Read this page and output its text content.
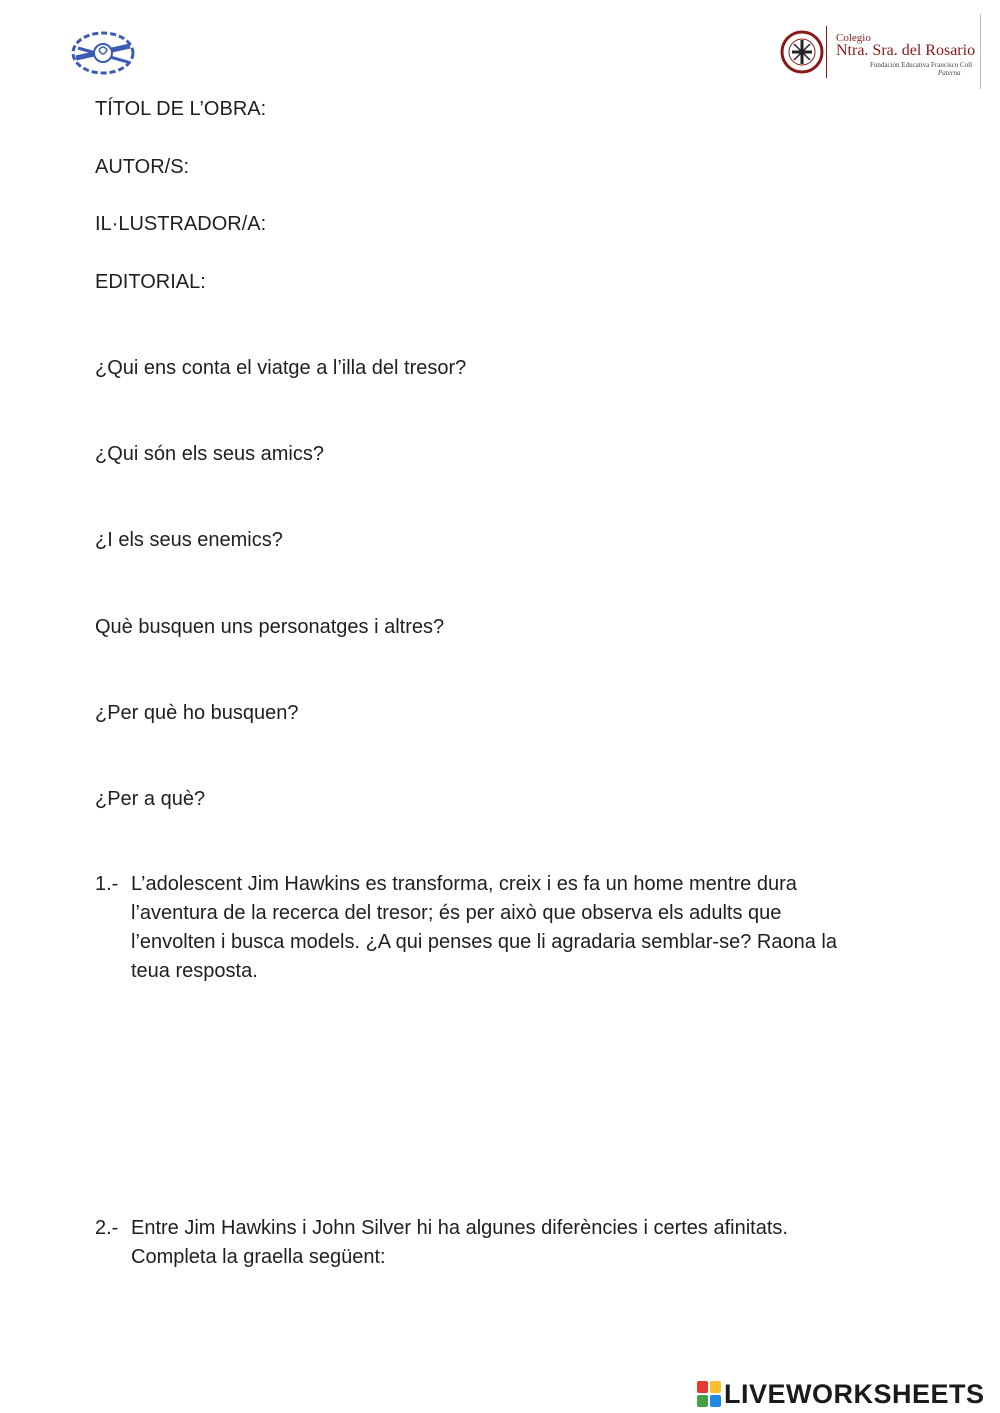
Colegio
Ntra. Sra. del Rosario
Fundación Educativa Francisco Coll
Paterna
TÍTOL DE L’OBRA:
AUTOR/S:
IL·LUSTRADOR/A:
EDITORIAL:
¿Qui ens conta el viatge a l’illa del tresor?
¿Qui són els seus amics?
¿I els seus enemics?
Què busquen uns personatges i altres?
¿Per què ho busquen?
¿Per a què?
1.- L’adolescent Jim Hawkins es transforma, creix i es fa un home mentre dura
l’aventura de la recerca del tresor; és per això que observa els adults que
l’envolten i busca models. ¿A qui penses que li agradaria semblar-se? Raona la
teua resposta.
2.- Entre Jim Hawkins i John Silver hi ha algunes diferències i certes afinitats.
Completa la graella següent:
LIVEWORKSHEETS
